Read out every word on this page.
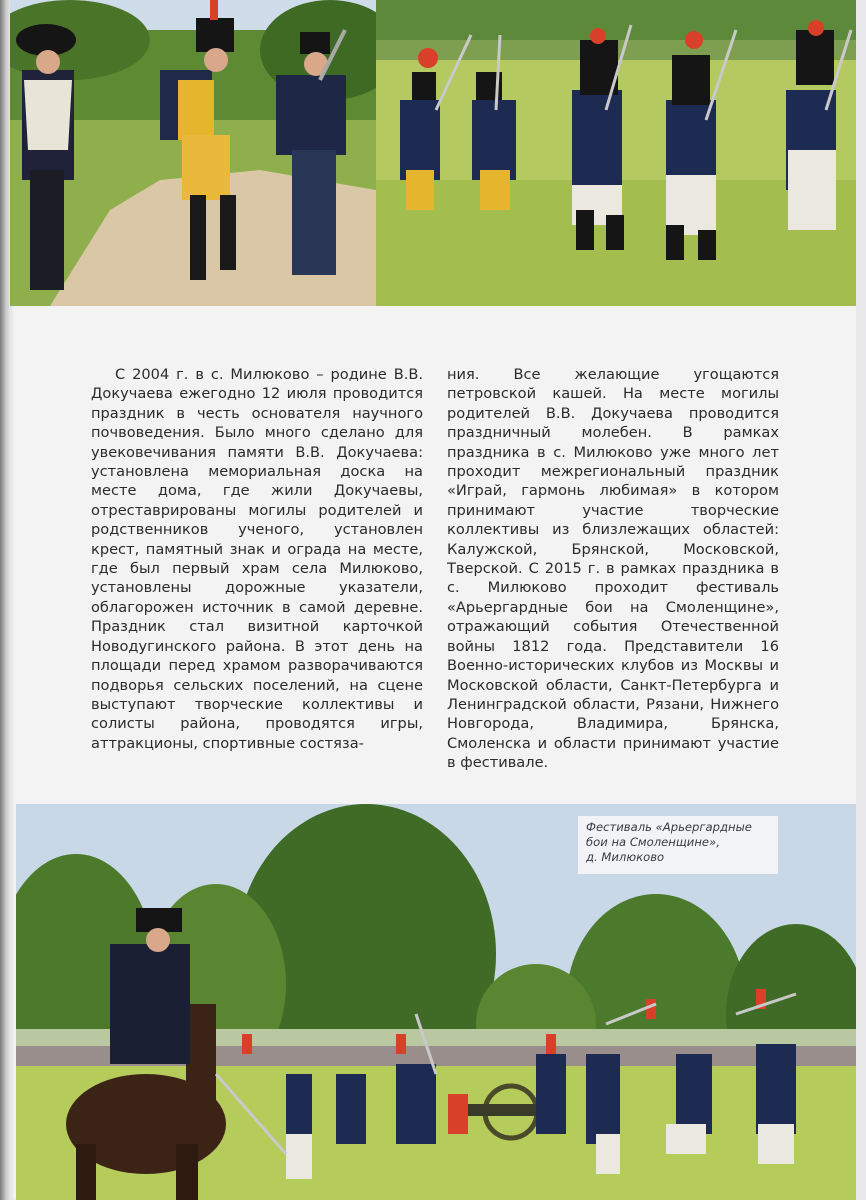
С 2004 г. в с. Милюково – родине В.В. Докучаева ежегодно 12 июля проводится праздник в честь основателя научного почвоведения. Было много сделано для увековечивания памяти В.В. Докучаева: установлена мемориальная доска на месте дома, где жили Докучаевы, отреставрированы могилы родителей и родственников ученого, установлен крест, памятный знак и ограда на месте, где был первый храм села Милюково, установлены дорожные указатели, облагорожен источник в самой деревне. Праздник стал визитной карточкой Новодугинского района. В этот день на площади перед храмом разворачиваются подворья сельских поселений, на сцене выступают творческие коллективы и солисты района, проводятся игры, аттракционы, спортивные состяза-

ния. Все желающие угощаются петровской кашей. На месте могилы родителей В.В. Докучаева проводится праздничный молебен. В рамках праздника в с. Милюково уже много лет проходит межрегиональный праздник «Играй, гармонь любимая» в котором принимают участие творческие коллективы из близлежащих областей: Калужской, Брянской, Московской, Тверской. С 2015 г. в рамках праздника в с. Милюково проходит фестиваль «Арьергардные бои на Смоленщине», отражающий события Отечественной войны 1812 года. Представители 16 Военно-исторических клубов из Москвы и Московской области, Санкт-Петербурга и Ленинградской области, Рязани, Нижнего Новгорода, Владимира, Брянска, Смоленска и области принимают участие в фестивале.

Фестиваль «Арьергардные
бои на Смоленщине»,
д. Милюково
